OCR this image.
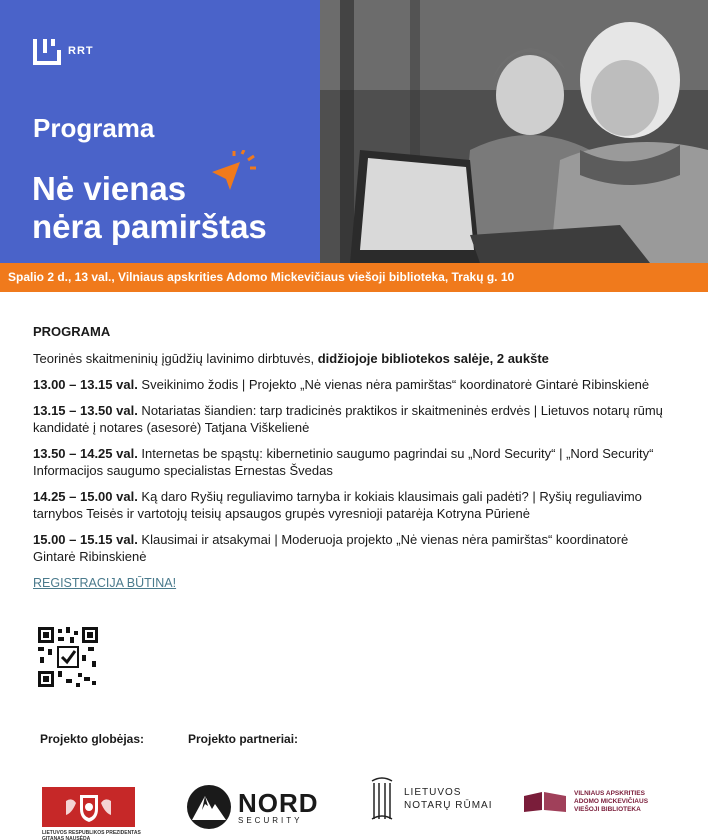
RRT
Programa
Nė vienas
nėra pamirštas
Spalio 2 d., 13 val., Vilniaus apskrities Adomo Mickevičiaus viešoji biblioteka, Trakų g. 10
PROGRAMA
Teorinės skaitmeninių įgūdžių lavinimo dirbtuvės, didžiojoje bibliotekos salėje, 2 aukšte
13.00 – 13.15 val. Sveikinimo žodis | Projekto „Nė vienas nėra pamirštas“ koordinatorė Gintarė Ribinskienė
13.15 – 13.50 val. Notariatas šiandien: tarp tradicinės praktikos ir skaitmeninės erdvės | Lietuvos notarų rūmų kandidatė į notares (asesorė) Tatjana Viškelienė
13.50 – 14.25 val. Internetas be spąstų: kibernetinio saugumo pagrindai su „Nord Security“ | „Nord Security“ Informacijos saugumo specialistas Ernestas Švedas
14.25 – 15.00 val. Ką daro Ryšių reguliavimo tarnyba ir kokiais klausimais gali padėti? | Ryšių reguliavimo tarnybos Teisės ir vartotojų teisių apsaugos grupės vyresnioji patarėja Kotryna Pūrienė
15.00 – 15.15 val. Klausimai ir atsakymai | Moderuoja projekto „Nė vienas nėra pamirštas“ koordinatorė Gintarė Ribinskienė
REGISTRACIJA BŪTINA!
Projekto globėjas:	Projekto partneriai:
LIETUVOS RESPUBLIKOS PREZIDENTAS GITANAS NAUSĖDA
NORD
SECURITY
LIETUVOS
NOTARŲ RŪMAI
VILNIAUS APSKRITIES
ADOMO MICKEVIČIAUS
VIEŠOJI BIBLIOTEKA
